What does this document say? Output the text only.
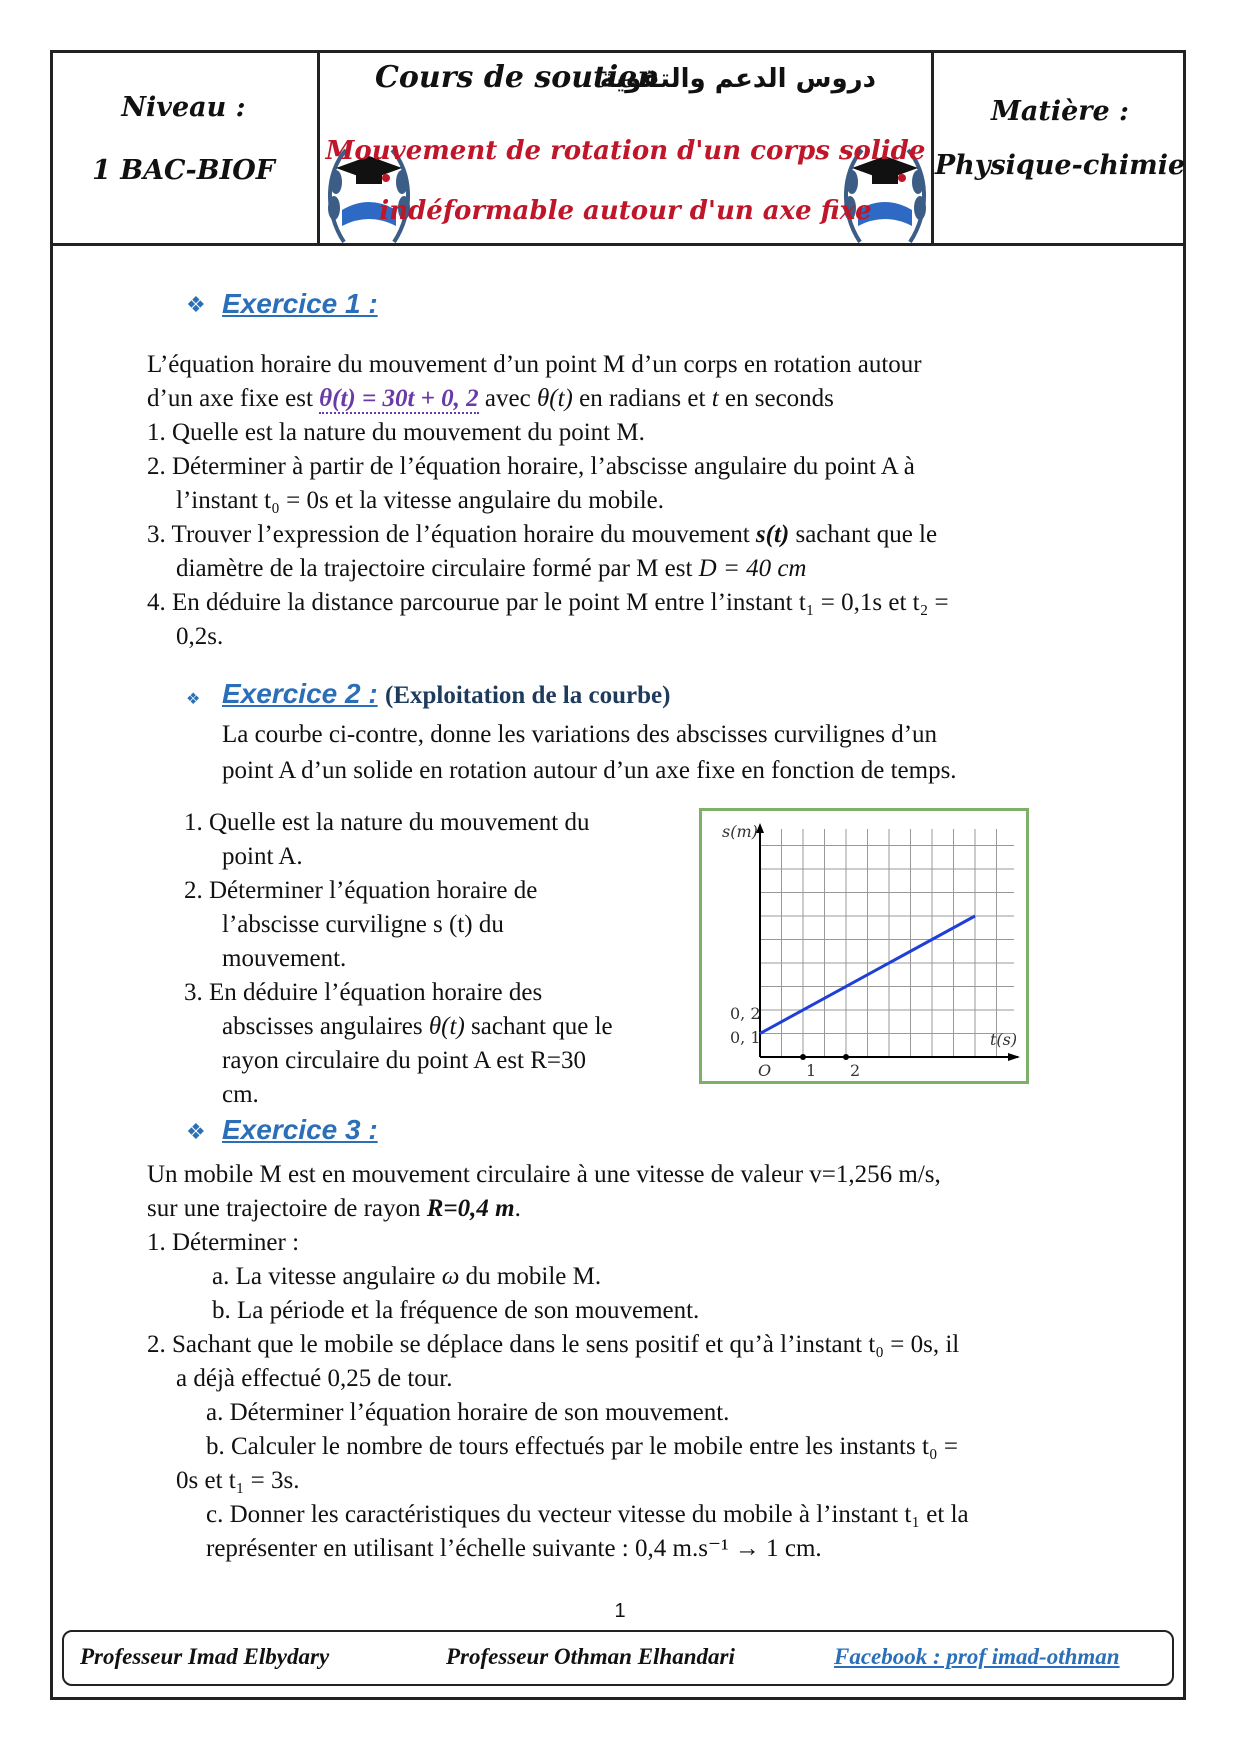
Niveau :
1 BAC-BIOF
Cours de soutien
دروس الدعم والتقوية
Mouvement de rotation d'un corps solide
indéformable autour d'un axe fixe
Matière :
Physique-chimie
❖ Exercice 1 :
L’équation horaire du mouvement d’un point M d’un corps en rotation autour
d’un axe fixe est θ(t) = 30t + 0, 2 avec θ(t) en radians et t en seconds
1. Quelle est la nature du mouvement du point M.
2. Déterminer à partir de l’équation horaire, l’abscisse angulaire du point A à
l’instant t₀ = 0s et la vitesse angulaire du mobile.
3. Trouver l’expression de l’équation horaire du mouvement s(t) sachant que le
diamètre de la trajectoire circulaire formé par M est D = 40 cm
4. En déduire la distance parcourue par le point M entre l’instant t₁ = 0,1s et t₂ =
0,2s.
❖ Exercice 2 : (Exploitation de la courbe)
La courbe ci-contre, donne les variations des abscisses curvilignes d’un
point A d’un solide en rotation autour d’un axe fixe en fonction de temps.
1. Quelle est la nature du mouvement du
point A.
2. Déterminer l’équation horaire de
l’abscisse curviligne s (t) du
mouvement.
3. En déduire l’équation horaire des
abscisses angulaires θ(t) sachant que le
rayon circulaire du point A est R=30
cm.
s(m)
t(s)
O 1 2
0, 2
0, 1
❖ Exercice 3 :
Un mobile M est en mouvement circulaire à une vitesse de valeur v=1,256 m/s,
sur une trajectoire de rayon R=0,4 m.
1. Déterminer :
a. La vitesse angulaire ω du mobile M.
b. La période et la fréquence de son mouvement.
2. Sachant que le mobile se déplace dans le sens positif et qu’à l’instant t₀ = 0s, il
a déjà effectué 0,25 de tour.
a. Déterminer l’équation horaire de son mouvement.
b. Calculer le nombre de tours effectués par le mobile entre les instants t₀ =
0s et t₁ = 3s.
c. Donner les caractéristiques du vecteur vitesse du mobile à l’instant t₁ et la
représenter en utilisant l’échelle suivante : 0,4 m.s⁻¹ → 1 cm.
1
Professeur Imad Elbydary	Professeur Othman Elhandari	Facebook : prof imad-othman
